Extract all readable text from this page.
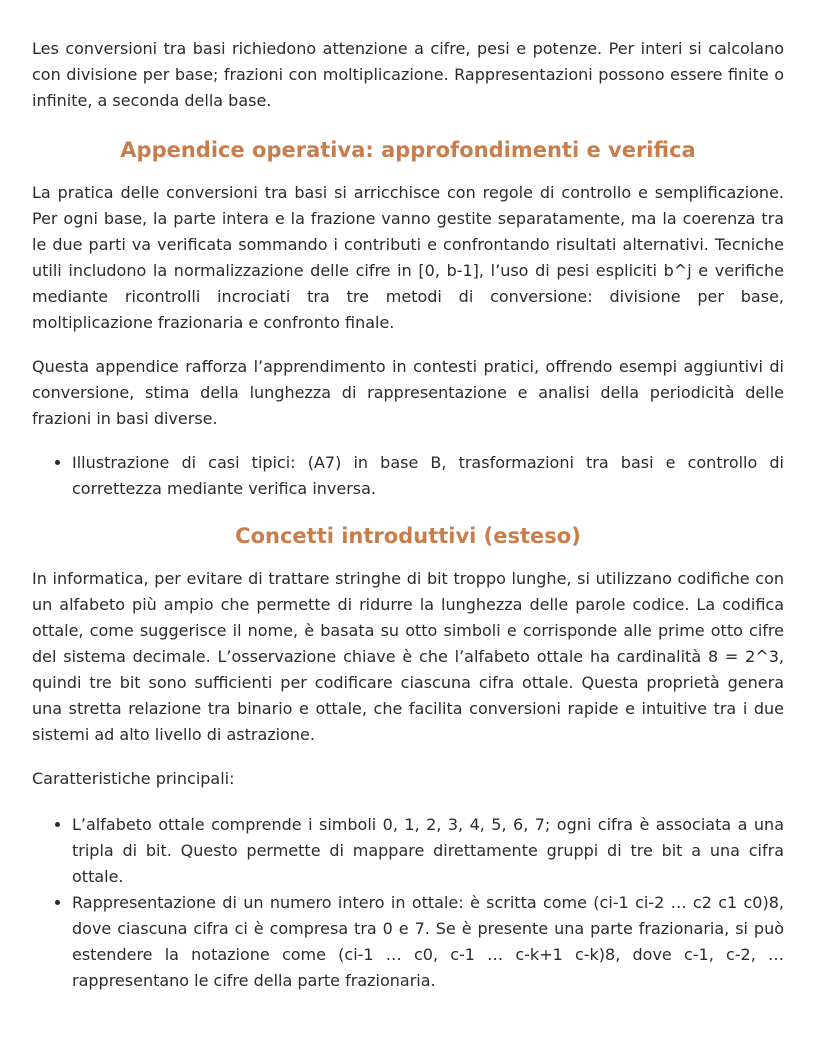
Les conversioni tra basi richiedono attenzione a cifre, pesi e potenze. Per interi si calcolano con divisione per base; frazioni con moltiplicazione. Rappresentazioni possono essere finite o infinite, a seconda della base.

Appendice operativa: approfondimenti e verifica

La pratica delle conversioni tra basi si arricchisce con regole di controllo e semplificazione. Per ogni base, la parte intera e la frazione vanno gestite separatamente, ma la coerenza tra le due parti va verificata sommando i contributi e confrontando risultati alternativi. Tecniche utili includono la normalizzazione delle cifre in [0, b-1], l’uso di pesi espliciti b^j e verifiche mediante ricontrolli incrociati tra tre metodi di conversione: divisione per base, moltiplicazione frazionaria e confronto finale.

Questa appendice rafforza l’apprendimento in contesti pratici, offrendo esempi aggiuntivi di conversione, stima della lunghezza di rappresentazione e analisi della periodicità delle frazioni in basi diverse.

• Illustrazione di casi tipici: (A7) in base B, trasformazioni tra basi e controllo di correttezza mediante verifica inversa.
Concetti introduttivi (esteso)

In informatica, per evitare di trattare stringhe di bit troppo lunghe, si utilizzano codifiche con un alfabeto più ampio che permette di ridurre la lunghezza delle parole codice. La codifica ottale, come suggerisce il nome, è basata su otto simboli e corrisponde alle prime otto cifre del sistema decimale. L’osservazione chiave è che l’alfabeto ottale ha cardinalità 8 = 2^3, quindi tre bit sono sufficienti per codificare ciascuna cifra ottale. Questa proprietà genera una stretta relazione tra binario e ottale, che facilita conversioni rapide e intuitive tra i due sistemi ad alto livello di astrazione.

Caratteristiche principali:

• L’alfabeto ottale comprende i simboli 0, 1, 2, 3, 4, 5, 6, 7; ogni cifra è associata a una tripla di bit. Questo permette di mappare direttamente gruppi di tre bit a una cifra ottale.
• Rappresentazione di un numero intero in ottale: è scritta come (ci-1 ci-2 … c2 c1 c0)8, dove ciascuna cifra ci è compresa tra 0 e 7. Se è presente una parte frazionaria, si può estendere la notazione come (ci-1 … c0, c-1 … c-k+1 c-k)8, dove c-1, c-2, … rappresentano le cifre della parte frazionaria.
